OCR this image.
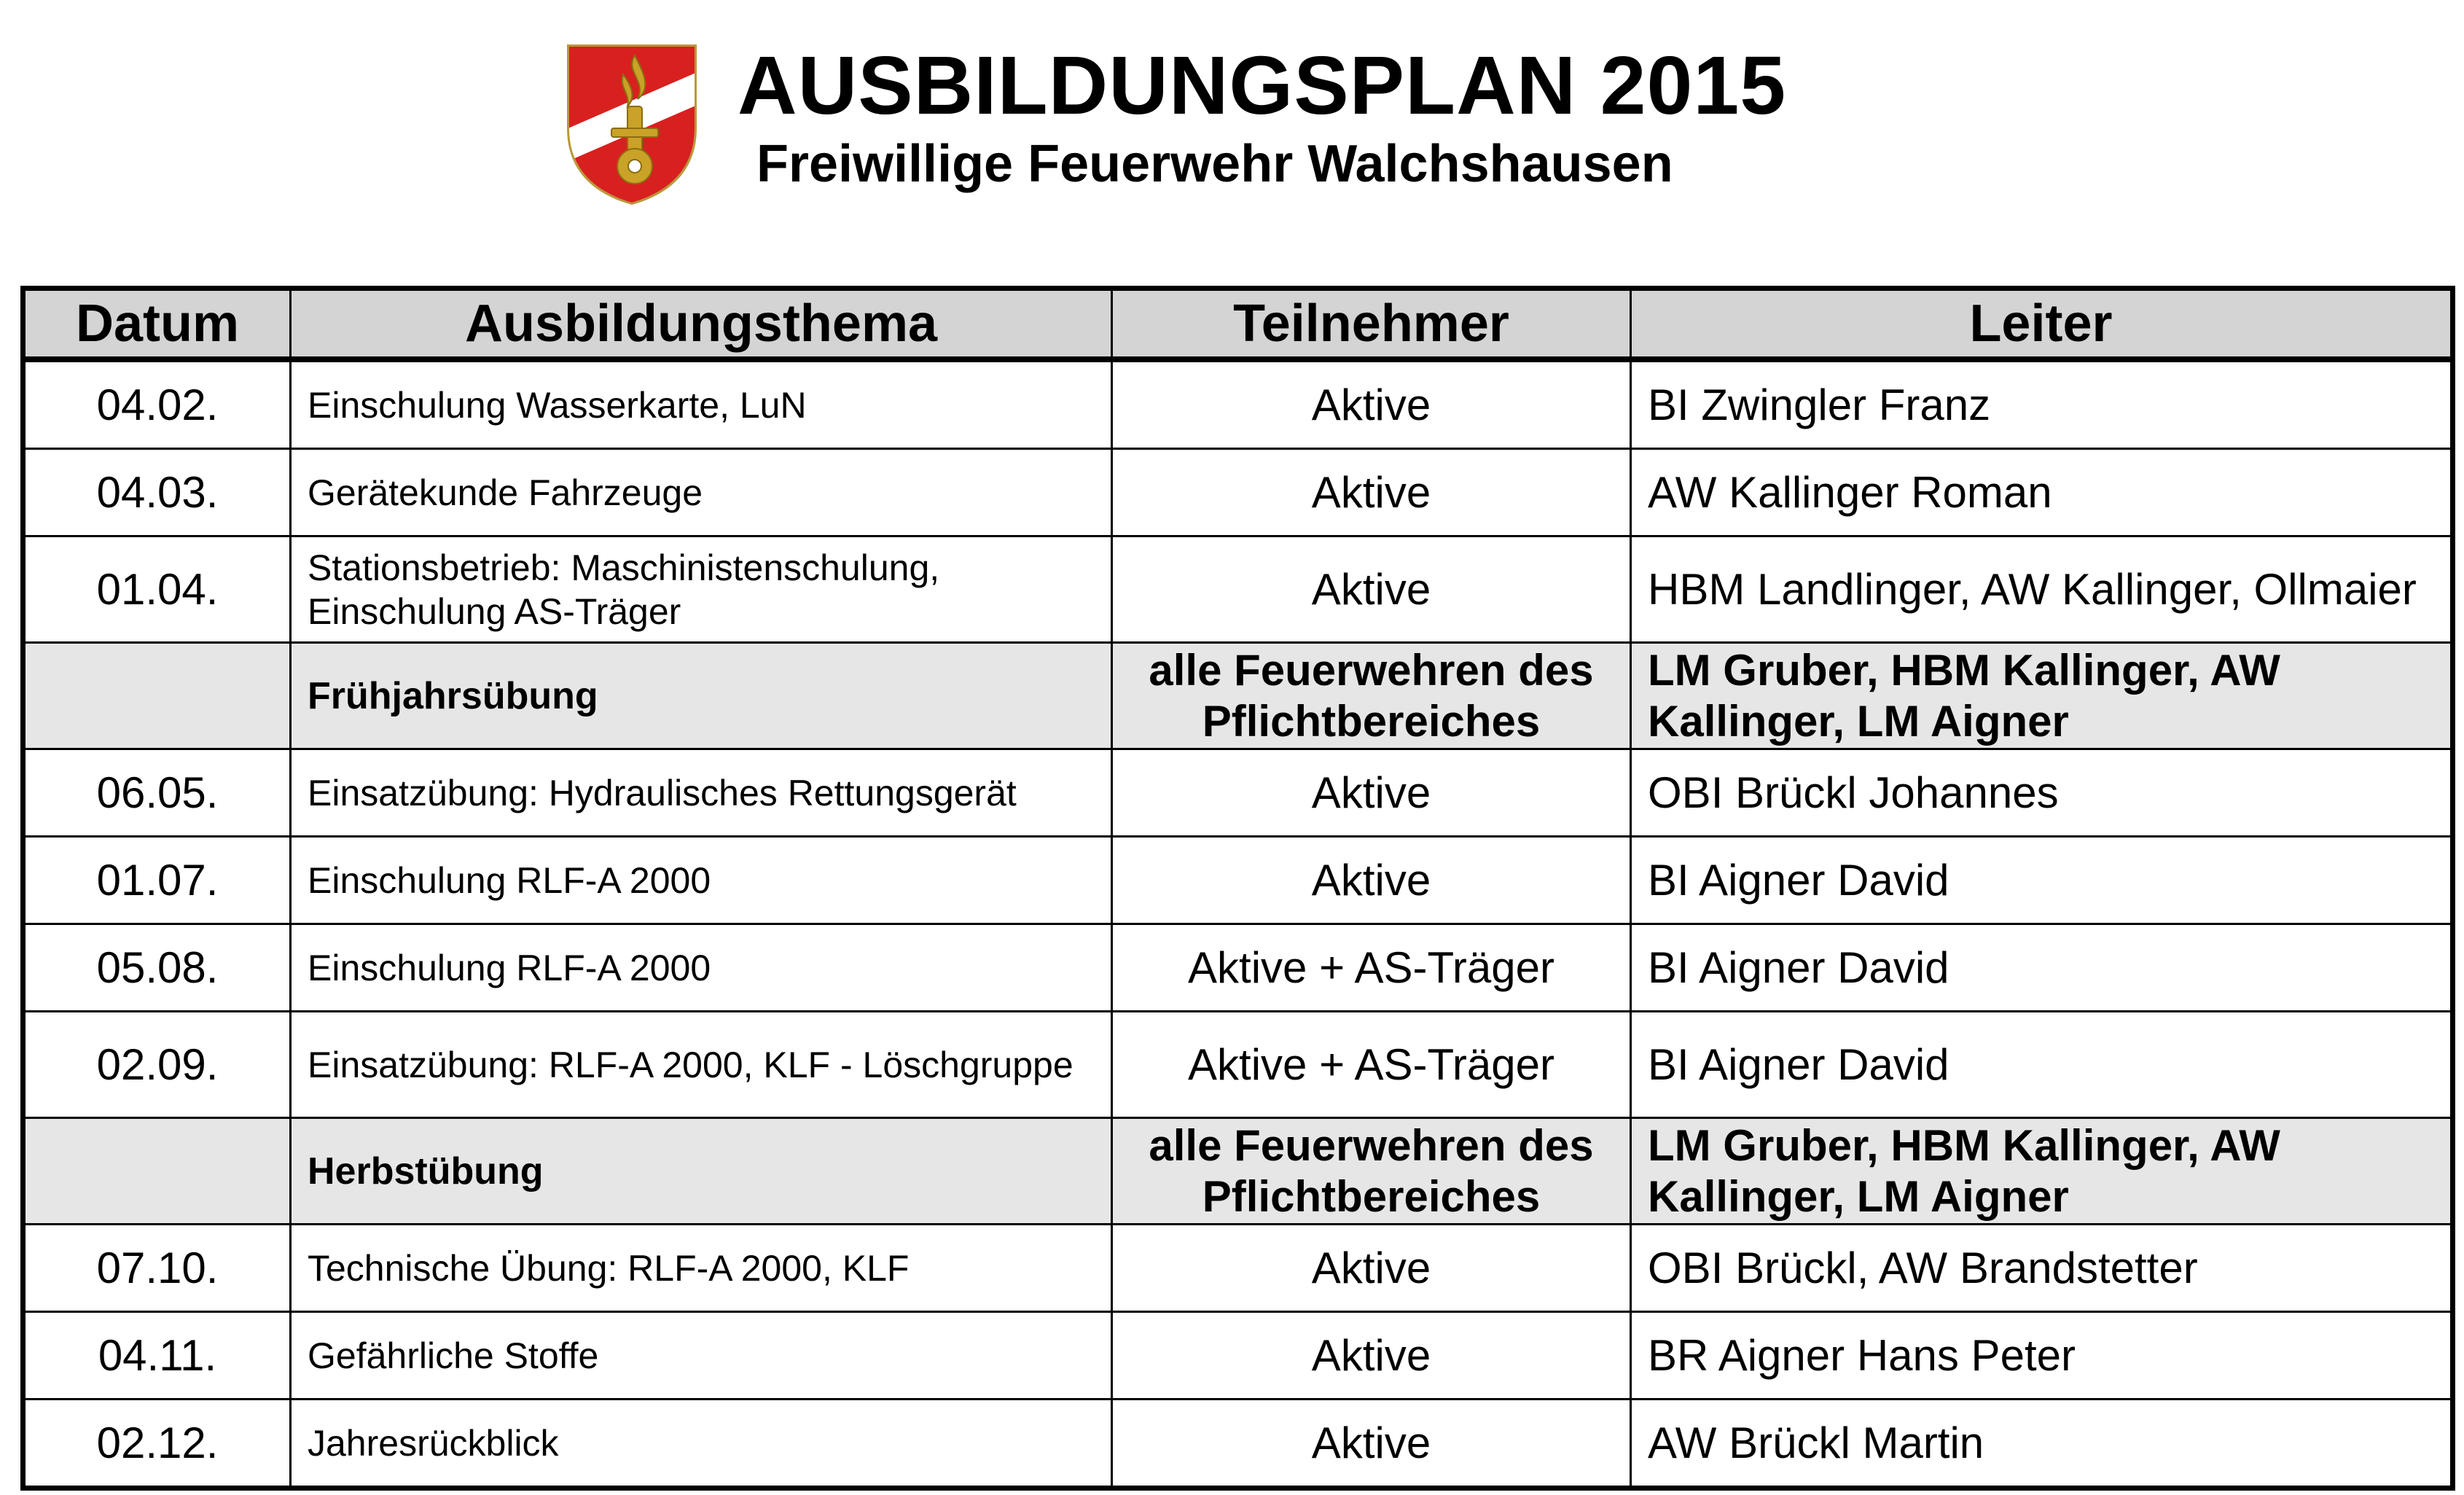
AUSBILDUNGSPLAN 2015
Freiwillige Feuerwehr Walchshausen
Datum	Ausbildungsthema	Teilnehmer	Leiter
04.02.	Einschulung Wasserkarte, LuN	Aktive	BI Zwingler Franz
04.03.	Gerätekunde Fahrzeuge	Aktive	AW Kallinger Roman
01.04.	Stationsbetrieb: Maschinistenschulung, Einschulung AS-Träger	Aktive	HBM Landlinger, AW Kallinger, Ollmaier
	Frühjahrsübung	alle Feuerwehren des Pflichtbereiches	LM Gruber, HBM Kallinger, AW Kallinger, LM Aigner
06.05.	Einsatzübung: Hydraulisches Rettungsgerät	Aktive	OBI Brückl Johannes
01.07.	Einschulung RLF-A 2000	Aktive	BI Aigner David
05.08.	Einschulung RLF-A 2000	Aktive + AS-Träger	BI Aigner David
02.09.	Einsatzübung: RLF-A 2000, KLF - Löschgruppe	Aktive + AS-Träger	BI Aigner David
	Herbstübung	alle Feuerwehren des Pflichtbereiches	LM Gruber, HBM Kallinger, AW Kallinger, LM Aigner
07.10.	Technische Übung: RLF-A 2000, KLF	Aktive	OBI Brückl, AW Brandstetter
04.11.	Gefährliche Stoffe	Aktive	BR Aigner Hans Peter
02.12.	Jahresrückblick	Aktive	AW Brückl Martin
